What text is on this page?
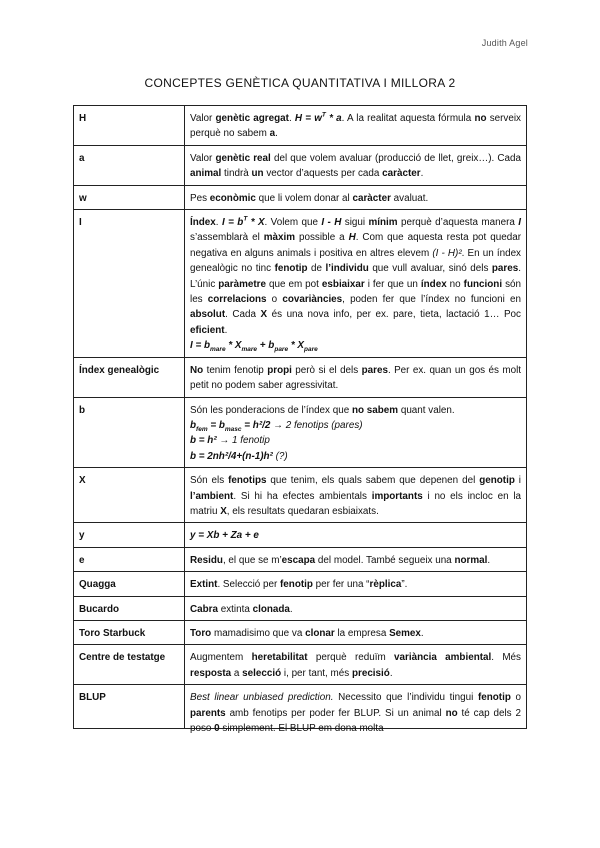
Judith Agel
CONCEPTES GENÈTICA QUANTITATIVA I MILLORA 2
H	Valor genètic agregat. $H = w^T * a$. A la realitat aquesta fórmula no serveix perquè no sabem a.

a	Valor genètic real del que volem avaluar (producció de llet, greix…). Cada animal tindrà un vector d’aquests per cada caràcter.

w	Pes econòmic que li volem donar al caràcter avaluat.

I	Índex. $I = b^T * X$. Volem que I - H sigui mínim perquè d’aquesta manera I s’assemblarà el màxim possible a H. Com que aquesta resta pot quedar negativa en alguns animals i positiva en altres elevem (I - H)². En un índex genealògic no tinc fenotip de l’individu que vull avaluar, sinó dels pares. L’únic paràmetre que em pot esbiaixar i fer que un índex no funcioni són les correlacions o covariàncies, poden fer que l’índex no funcioni en absolut. Cada X és una nova info, per ex. pare, tieta, lactació 1… Poc eficient.
$I = b_{mare} * X_{mare} + b_{pare} * X_{pare}$

Índex genealògic	No tenim fenotip propi però si el dels pares. Per ex. quan un gos és molt petit no podem saber agressivitat.

b	Són les ponderacions de l’índex que no sabem quant valen.
$b_{fem} = b_{masc} = h^2/2 \to 2$ fenotips (pares)
b = h² → 1 fenotip
b = 2nh²/4+(n-1)h² (?)

X	Són els fenotips que tenim, els quals sabem que depenen del genotip i l’ambient. Si hi ha efectes ambientals importants i no els incloc en la matriu X, els resultats quedaran esbiaixats.

y	y = Xb + Za + e

e	Residu, el que se m’escapa del model. També segueix una normal.

Quagga	Extint. Selecció per fenotip per fer una “rèplica”.

Bucardo	Cabra extinta clonada.

Toro Starbuck	Toro mamadisimo que va clonar la empresa Semex.

Centre de testatge	Augmentem heretabilitat perquè reduïm variància ambiental. Més resposta a selecció i, per tant, més precisió.

BLUP	Best linear unbiased prediction. Necessito que l’individu tingui fenotip o parents amb fenotips per poder fer BLUP. Si un animal no té cap dels 2 poso 0 simplement. El BLUP em dona molta
